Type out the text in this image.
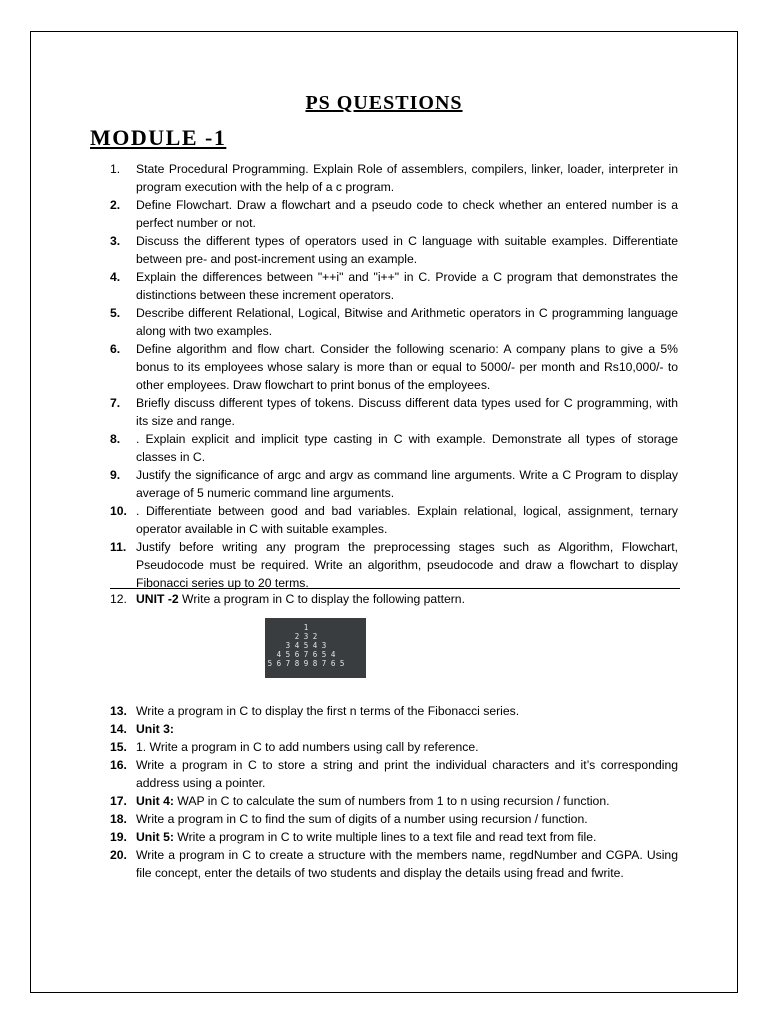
PS QUESTIONS
MODULE -1
1.	State Procedural Programming. Explain Role of assemblers, compilers, linker, loader, interpreter in program execution with the help of a c program.
2.	Define Flowchart. Draw a flowchart and a pseudo code to check whether an entered number is a perfect number or not.
3.	Discuss the different types of operators used in C language with suitable examples. Differentiate between pre- and post-increment using an example.
4.	Explain the differences between "++i" and "i++" in C. Provide a C program that demonstrates the distinctions between these increment operators.
5.	Describe different Relational, Logical, Bitwise and Arithmetic operators in C programming language along with two examples.
6.	Define algorithm and flow chart. Consider the following scenario: A company plans to give a 5% bonus to its employees whose salary is more than or equal to 5000/- per month and Rs10,000/- to other employees. Draw flowchart to print bonus of the employees.
7.	Briefly discuss different types of tokens. Discuss different data types used for C programming, with its size and range.
8.	. Explain explicit and implicit type casting in C with example. Demonstrate all types of storage classes in C.
9.	Justify the significance of argc and argv as command line arguments. Write a C Program to display average of 5 numeric command line arguments.
10. . Differentiate between good and bad variables. Explain relational, logical, assignment, ternary operator available in C with suitable examples.
11. Justify before writing any program the preprocessing stages such as Algorithm, Flowchart, Pseudocode must be required. Write an algorithm, pseudocode and draw a flowchart to display Fibonacci series up to 20 terms.
12. UNIT -2 Write a program in C to display the following pattern.
1
2 3 2
3 4 5 4 3
4 5 6 7 6 5 4
5 6 7 8 9 8 7 6 5
13. Write a program in C to display the first n terms of the Fibonacci series.
14. Unit 3:
15. 1. Write a program in C to add numbers using call by reference.
16. Write a program in C to store a string and print the individual characters and it’s corresponding address using a pointer.
17. Unit 4: WAP in C to calculate the sum of numbers from 1 to n using recursion / function.
18. Write a program in C to find the sum of digits of a number using recursion / function.
19. Unit 5: Write a program in C to write multiple lines to a text file and read text from file.
20. Write a program in C to create a structure with the members name, regdNumber and CGPA. Using file concept, enter the details of two students and display the details using fread and fwrite.
